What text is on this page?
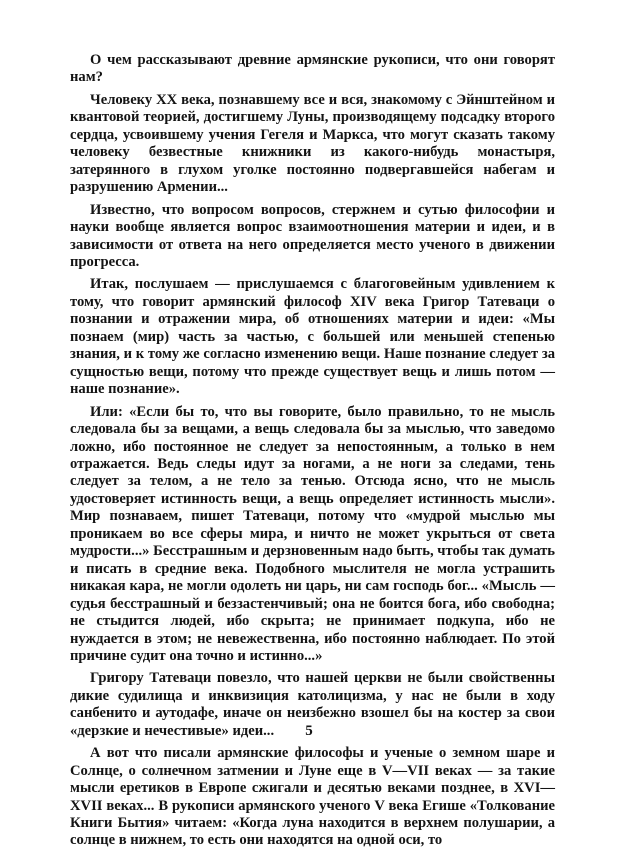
О чем рассказывают древние армянские рукописи, что они говорят нам?

Человеку XX века, познавшему все и вся, знакомому с Эйнштейном и квантовой теорией, достигшему Луны, производящему подсадку второго сердца, усвоившему учения Гегеля и Маркса, что могут сказать такому человеку безвестные книжники из какого-нибудь монастыря, затерянного в глухом уголке постоянно подвергавшейся набегам и разрушению Армении...

Известно, что вопросом вопросов, стержнем и сутью философии и науки вообще является вопрос взаимоотношения материи и идеи, и в зависимости от ответа на него определяется место ученого в движении прогресса.

Итак, послушаем — прислушаемся с благоговейным удивлением к тому, что говорит армянский философ XIV века Григор Татеваци о познании и отражении мира, об отношениях материи и идеи: «Мы познаем (мир) часть за частью, с большей или меньшей степенью знания, и к тому же согласно изменению вещи. Наше познание следует за сущностью вещи, потому что прежде существует вещь и лишь потом — наше познание».

Или: «Если бы то, что вы говорите, было правильно, то не мысль следовала бы за вещами, а вещь следовала бы за мыслью, что заведомо ложно, ибо постоянное не следует за непостоянным, а только в нем отражается. Ведь следы идут за ногами, а не ноги за следами, тень следует за телом, а не тело за тенью. Отсюда ясно, что не мысль удостоверяет истинность вещи, а вещь определяет истинность мысли». Мир познаваем, пишет Татеваци, потому что «мудрой мыслью мы проникаем во все сферы мира, и ничто не может укрыться от света мудрости...» Бесстрашным и дерзновенным надо быть, чтобы так думать и писать в средние века. Подобного мыслителя не могла устрашить никакая кара, не могли одолеть ни царь, ни сам господь бог... «Мысль — судья бесстрашный и беззастенчивый; она не боится бога, ибо свободна; не стыдится людей, ибо скрыта; не принимает подкупа, ибо не нуждается в этом; не невежественна, ибо постоянно наблюдает. По этой причине судит она точно и истинно...»

Григору Татеваци повезло, что нашей церкви не были свойственны дикие судилища и инквизиция католицизма, у нас не были в ходу санбенито и аутодафе, иначе он неизбежно взошел бы на костер за свои «дерзкие и нечестивые» идеи...

А вот что писали армянские философы и ученые о земном шаре и Солнце, о солнечном затмении и Луне еще в V—VII веках — за такие мысли еретиков в Европе сжигали и десятью веками позднее, в XVI—XVII веках... В рукописи армянского ученого V века Егише «Толкование Книги Бытия» читаем: «Когда луна находится в верхнем полушарии, а солнце в нижнем, то есть они находятся на одной оси, то

5
